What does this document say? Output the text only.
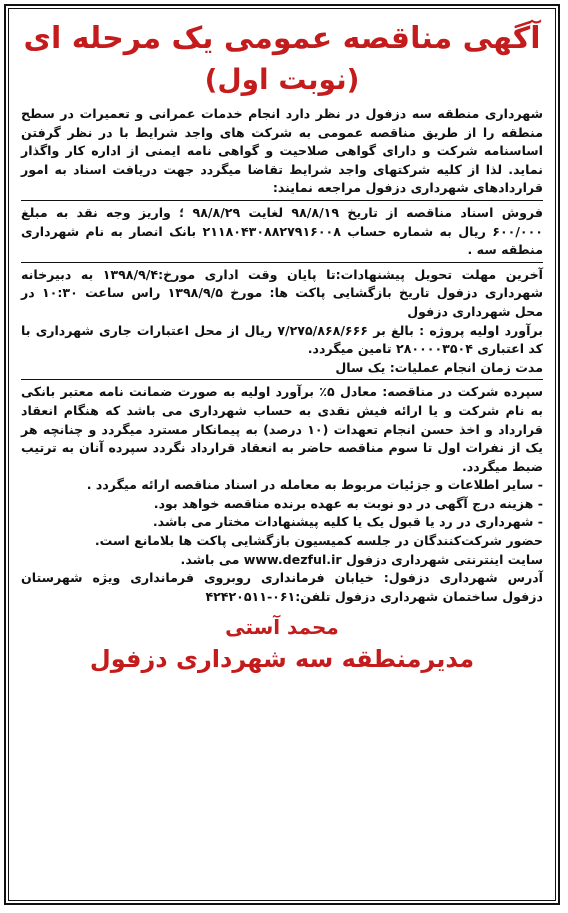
آگهی مناقصه عمومی یک مرحله ای
(نوبت اول)

شهرداری منطقه سه دزفول در نظر دارد انجام خدمات عمرانی و تعمیرات در سطح منطقه را از طریق مناقصه عمومی به شرکت های واجد شرایط با در نظر گرفتن اساسنامه شرکت و دارای گواهی صلاحیت و گواهی نامه ایمنی از اداره کار واگذار نماید. لذا از کلیه شرکتهای واجد شرایط تقاضا میگردد جهت دریافت اسناد به امور قراردادهای شهرداری دزفول مراجعه نمایند:

فروش اسناد مناقصه از تاریخ ۹۸/۸/۱۹ لغایت ۹۸/۸/۲۹ ؛ واریز وجه نقد به مبلغ ۶۰۰/۰۰۰ ریال به شماره حساب ۲۱۱۸۰۴۳۰۸۸۲۷۹۱۶۰۰۸ بانک انصار به نام شهرداری منطقه سه .

آخرین مهلت تحویل پیشنهادات:تا پایان وقت اداری مورخ:۱۳۹۸/۹/۴ به دبیرخانه شهرداری دزفول تاریخ بازگشایی پاکت ها: مورخ ۱۳۹۸/۹/۵ راس ساعت ۱۰:۳۰ در محل شهرداری دزفول

برآورد اولیه پروژه : بالغ بر ۷/۲۷۵/۸۶۸/۶۶۶ ریال از محل اعتبارات جاری شهرداری با کد اعتباری ۲۸۰۰۰۰۳۵۰۴ تامین میگردد.

مدت زمان انجام عملیات: یک سال

سپرده شرکت در مناقصه: معادل ۵٪ برآورد اولیه به صورت ضمانت نامه معتبر بانکی به نام شرکت و یا ارائه فیش نقدی به حساب شهرداری می باشد که هنگام انعقاد قرارداد و اخذ حسن انجام تعهدات (۱۰ درصد) به پیمانکار مسترد میگردد و چنانچه هر یک از نفرات اول تا سوم مناقصه حاضر به انعقاد قرارداد نگردد سپرده آنان به ترتیب ضبط میگردد.

- سایر اطلاعات و جزئیات مربوط به معامله در اسناد مناقصه ارائه میگردد .

- هزینه درج آگهی در دو نوبت به عهده برنده مناقصه خواهد بود.

- شهرداری در رد یا قبول یک یا کلیه پیشنهادات مختار می باشد.

حضور شرکت‌کنندگان در جلسه کمیسیون بازگشایی پاکت ها بلامانع است.

سایت اینترنتی شهرداری دزفول www.dezful.ir می باشد.

آدرس شهرداری دزفول: خیابان فرمانداری روبروی فرمانداری ویژه شهرستان دزفول ساختمان شهرداری دزفول تلفن:۰۶۱-۴۲۴۲۰۵۱۱

محمد آستی
مدیرمنطقه سه شهرداری دزفول
